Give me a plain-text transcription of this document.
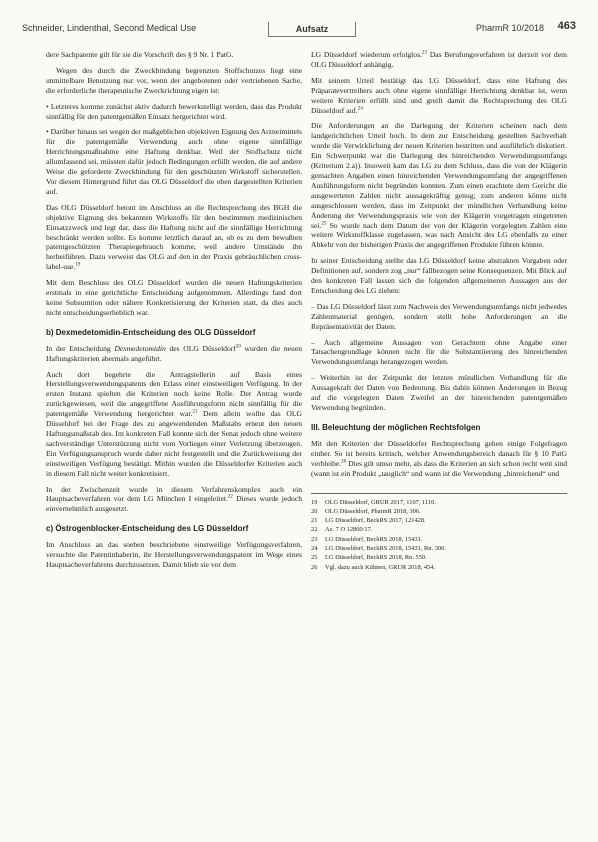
Schneider, Lindenthal, Second Medical Use	Aufsatz	PharmR 10/2018 463

dere Sachpatente gilt für sie die Vorschrift des § 9 Nr. 1 PatG.

Wegen des durch die Zweckbindung begrenzten Stoffschutzes liegt eine unmittelbare Benutzung nur vor, wenn der angebotenen oder vertriebenen Sache, die erforderliche therapeutische Zweckrichtung eigen ist:

• Letzteres komme zunächst aktiv dadurch bewerkstelligt werden, dass das Produkt sinnfällig für den patentgemäßen Einsatz hergerichtet wird.

• Darüber hinaus sei wegen der maßgeblichen objektiven Eignung des Arzneimittels für die patentgemäße Verwendung auch ohne eigene sinnfällige Herrichtungsmaßnahme eine Haftung denkbar. Weil der Stoffschutz nicht allumfassend sei, müssten dafür jedoch Bedingungen erfüllt werden, die auf andere Weise die geforderte Zweckbindung für den geschützten Wirkstoff sicherstellen. Vor diesem Hintergrund führt das OLG Düsseldorf die oben dargestellten Kriterien auf.

Das OLG Düsseldorf betont im Anschluss an die Rechtsprechung des BGH die objektive Eignung des bekannten Wirkstoffs für den bestimmten medizinischen Einsatzzweck und legt dar, dass die Haftung nicht auf die sinnfällige Herrichtung beschränkt werden sollte. Es komme letztlich darauf an, ob es zu dem bewußten patentgeschützten Therapiegebrauch komme, weil andere Umstände ihn herbeiführen. Dazu verweist das OLG auf den in der Praxis gebräuchlichen cross-label-use.$^{19}$

Mit dem Beschluss des OLG Düsseldorf wurden die neuen Haftungskriterien erstmals in eine gerichtliche Entscheidung aufgenommen. Allerdings fand dort keine Subsumtion oder nähere Konkretisierung der Kriterien statt, da dies auch nicht entscheidungserheblich war.

b) Dexmedetomidin-Entscheidung des OLG Düsseldorf

In der Entscheidung Dexmedetomidin des OLG Düsseldorf$^{20}$ wurden die neuen Haftungskriterien abermals angeführt.

Auch dort begehrte die Antragstellerin auf Basis eines Herstellungsverwendungspatents den Erlass einer einstweiligen Verfügung. In der ersten Instanz spielten die Kriterien noch keine Rolle. Der Antrag wurde zurückgewiesen, weil die angegriffene Ausführungsform nicht sinnfällig für die patentgemäße Verwendung hergerichtet war.$^{21}$ Dem allein wollte das OLG Düsseldorf bei der Frage des zu angewendenden Maßstabs erneut den neuen Haftungsmaßstab des. Im konkreten Fall konnte sich der Senat jedoch ohne weitere sachverständige Unterstützung nicht vom Vorliegen einer Verletzung überzeugen. Ein Verfügungsanspruch wurde daher nicht festgestellt und die Zurückweisung der einstweiligen Verfügung bestätigt. Mithin wurden die Düsseldorfer Kriterien auch in diesem Fall nicht weiter konkretisiert.

In der Zwischenzeit wurde in diesem Verfahrenskomplex auch ein Hauptsacheverfahren vor dem LG München I eingeleitet.$^{22}$ Dieses wurde jedoch einvernehmlich ausgesetzt.

c) Östrogenblocker-Entscheidung des LG Düsseldorf

Im Anschluss an das soeben beschriebene einstweilige Verfügungsverfahren, versuchte die Patentinhaberin, ihr Herstellungsverwendungspatent im Wege eines Hauptsacheverfahrens durchzusetzen. Damit blieb sie vor dem

LG Düsseldorf wiederum erfolglos.$^{23}$ Das Berufungsverfahren ist derzeit vor dem OLG Düsseldorf anhängig.

Mit seinem Urteil bestätigt das LG Düsseldorf, dass eine Haftung des Präparatevertreibers auch ohne eigene sinnfällige Herrichtung denkbar ist, wenn weitere Kriterien erfüllt sind und greift damit die Rechtsprechung des OLG Düsseldorf auf.$^{24}$

Die Anforderungen an die Darlegung der Kriterien scheinen nach dem landgerichtlichen Urteil hoch. In dem zur Entscheidung gestellten Sachverhalt wurde die Verwirklichung der neuen Kriterien bestritten und ausführlich diskutiert. Ein Schwerpunkt war die Darlegung des hinreichenden Verwendungsumfangs (Kriterium 2.a)). Insoweit kam das LG zu dem Schluss, dass die von der Klägerin gemachten Angaben einen hinreichenden Verwendungsumfang der angegriffenen Ausführungsform nicht begründen konnten. Zum einen erachtete dem Gericht die ausgewerteten Zahlen nicht aussagekräftig genug; zum anderen könne nicht ausgeschlossen werden, dass im Zeitpunkt der mündlichen Verhandlung keine Änderung der Verwendungspraxis wie von der Klägerin vorgetragen eingetreten sei.$^{25}$ So wurde nach dem Datum der von der Klägerin vorgelegten Zahlen eine weitere Wirkstoffklasse zugelassen, was nach Ansicht des LG ebenfalls zu einer Abkehr von der bisherigen Praxis der angegriffenen Produkte führen könnte.

In seiner Entscheidung stellte das LG Düsseldorf keine abstrakten Vorgaben oder Definitionen auf, sondern zog „nur“ fallbezogen seine Konsequenzen. Mit Blick auf den konkreten Fall lassen sich die folgenden allgemeineren Aussagen aus der Entscheidung des LG ziehen:

– Das LG Düsseldorf lässt zum Nachweis des Verwendungsumfangs nicht jedwedes Zahlenmaterial genügen, sondern stellt hohe Anforderungen an die Repräsentativität der Daten.

– Auch allgemeine Aussagen von Gerachtern ohne Angabe einer Tatsachengrundlage können nicht für die Substantiierung des hinreichenden Verwendungsumfangs herangezogen werden.

– Weiterhin ist der Zeitpunkt der letzten mündlichen Verhandlung für die Aussagekraft der Daten von Bedeutung. Bis dahin können Änderungen in Bezug auf die vorgelegten Daten Zweifel an der hinreichenden patentgemäßen Verwendung begründen.

III. Beleuchtung der möglichen Rechtsfolgen

Mit den Kriterien der Düsseldorfer Rechtsprechung gehen einige Folgefragen einher. So ist bereits kritisch, welcher Anwendungsbereich danach für § 10 PatG verbleibe.$^{26}$ Dies gilt umso mehr, als dass die Kriterien an sich schon recht weit sind (wann ist ein Produkt „tauglich“ und wann ist die Verwendung „hinreichend“ und

19	OLG Düsseldorf, GRUR 2017, 1107, 1110.
20	OLG Düsseldorf, PharmR 2018, 306.
21	LG Düsseldorf, BeckRS 2017, 121428.
22	Az. 7 O 12860/17.
23	LG Düsseldorf, BeckRS 2018, 15431.
24	LG Düsseldorf, BeckRS 2018, 15431, Rn. 300.
25	LG Düsseldorf, BeckRS 2018, Rn. 550.
26	Vgl. dazu auch Kühnen, GRUR 2018, 454.
